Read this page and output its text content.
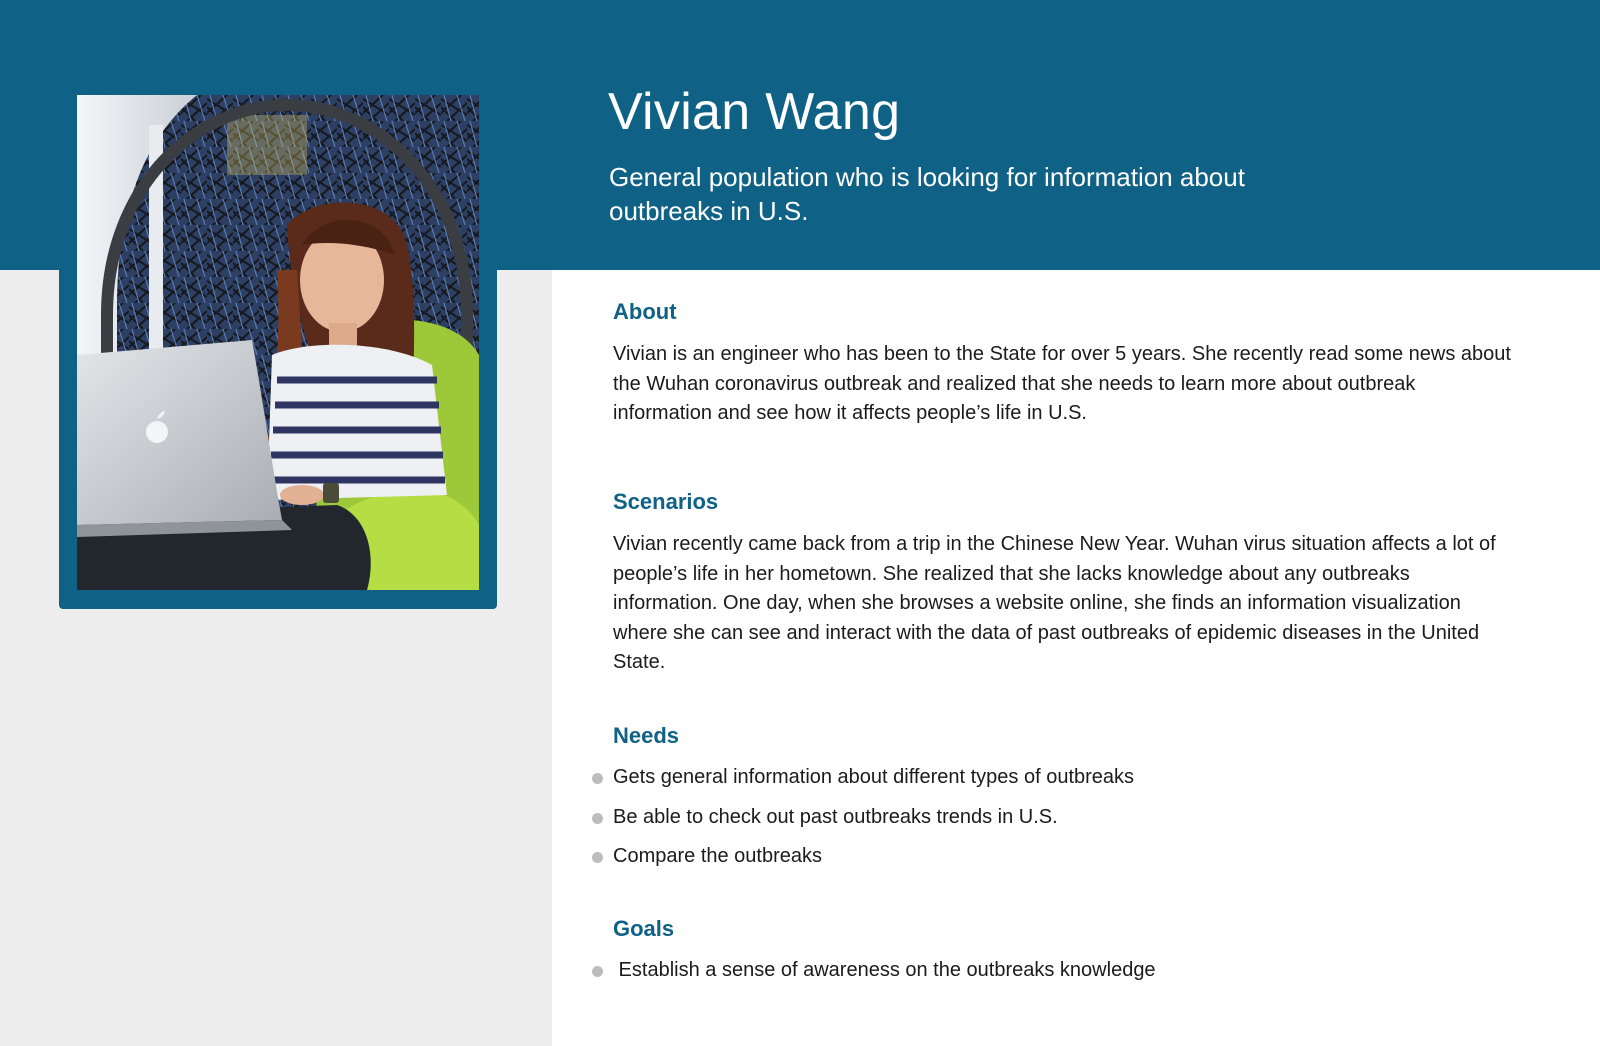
Vivian Wang

General population who is looking for information about outbreaks in U.S.

About

Vivian is an engineer who has been to the State for over 5 years. She recently read some news about the Wuhan coronavirus outbreak and realized that she needs to learn more about outbreak information and see how it affects people’s life in U.S.

Scenarios

Vivian recently came back from a trip in the Chinese New Year. Wuhan virus situation affects a lot of people’s life in her hometown. She realized that she lacks knowledge about any outbreaks information. One day, when she browses a website online, she finds an information visualization where she can see and interact with the data of past outbreaks of epidemic diseases in the United State.

Needs
Gets general information about different types of outbreaks
Be able to check out past outbreaks trends in U.S.
Compare the outbreaks
Goals
Establish a sense of awareness on the outbreaks knowledge
